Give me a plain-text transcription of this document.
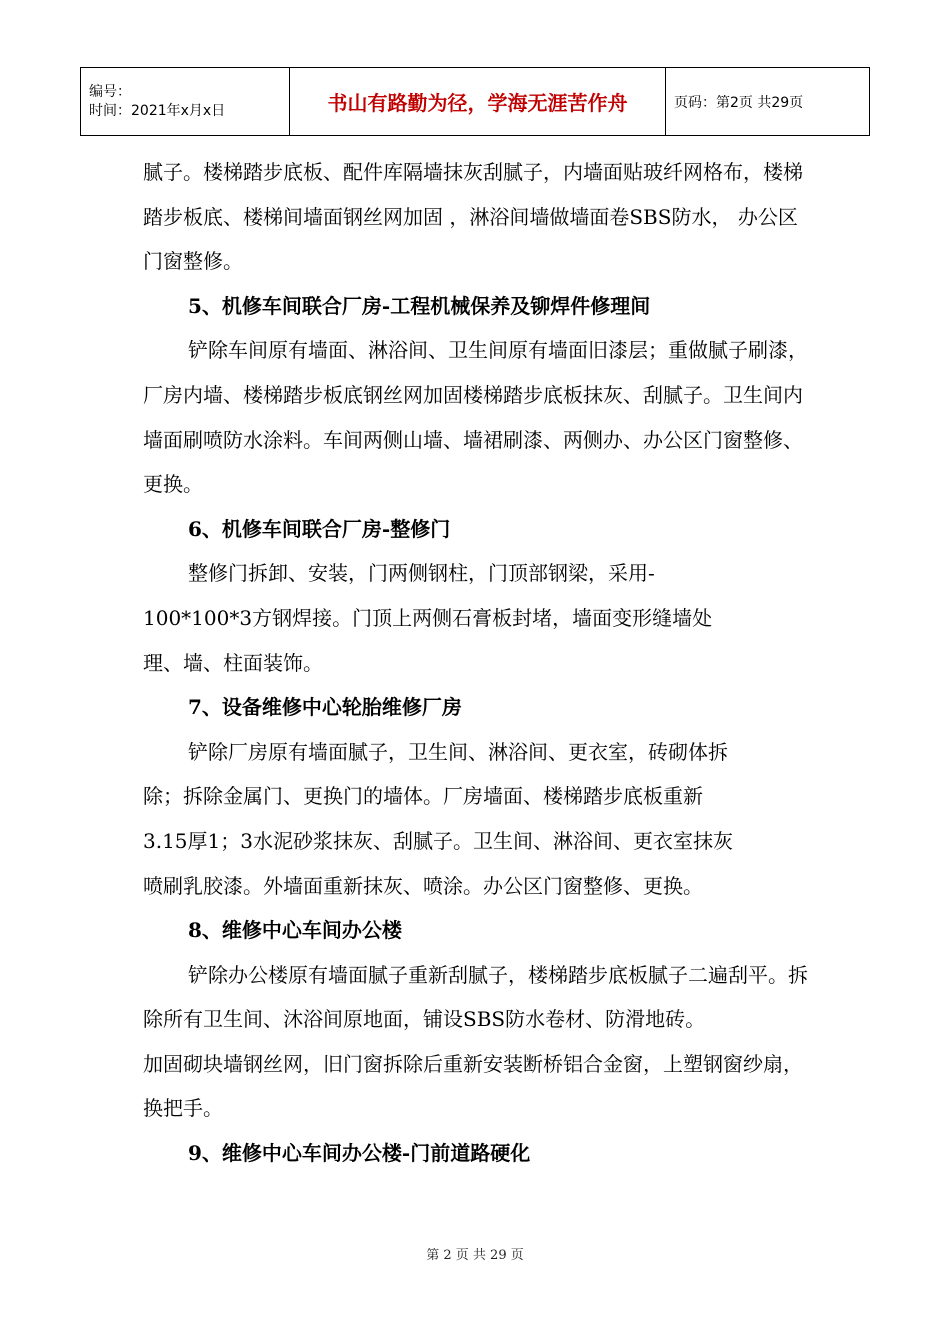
编号：
时间：2021年x月x日	书山有路勤为径，学海无涯苦作舟	页码：第2页 共29页

腻子。楼梯踏步底板、配件库隔墙抹灰刮腻子，内墙面贴玻纤网格布，楼梯踏步板底、楼梯间墙面钢丝网加固 ，淋浴间墙做墙面卷SBS防水， 办公区门窗整修。

5、机修车间联合厂房-工程机械保养及铆焊件修理间

铲除车间原有墙面、淋浴间、卫生间原有墙面旧漆层；重做腻子刷漆，厂房内墙、楼梯踏步板底钢丝网加固楼梯踏步底板抹灰、刮腻子。卫生间内墙面刷喷防水涂料。车间两侧山墙、墙裙刷漆、两侧办、办公区门窗整修、更换。

6、机修车间联合厂房-整修门

整修门拆卸、安装，门两侧钢柱，门顶部钢梁，采用-

100*100*3方钢焊接。门顶上两侧石膏板封堵，墙面变形缝墙处

理、墙、柱面装饰。

7、设备维修中心轮胎维修厂房

铲除厂房原有墙面腻子，卫生间、淋浴间、更衣室，砖砌体拆

除；拆除金属门、更换门的墙体。厂房墙面、楼梯踏步底板重新

3.15厚1；3水泥砂浆抹灰、刮腻子。卫生间、淋浴间、更衣室抹灰

喷刷乳胶漆。外墙面重新抹灰、喷涂。办公区门窗整修、更换。

8、维修中心车间办公楼

铲除办公楼原有墙面腻子重新刮腻子，楼梯踏步底板腻子二遍刮平。拆除所有卫生间、沐浴间原地面，铺设SBS防水卷材、防滑地砖。

加固砌块墙钢丝网，旧门窗拆除后重新安装断桥铝合金窗，上塑钢窗纱扇，换把手。

9、维修中心车间办公楼-门前道路硬化

第 2 页 共 29 页
